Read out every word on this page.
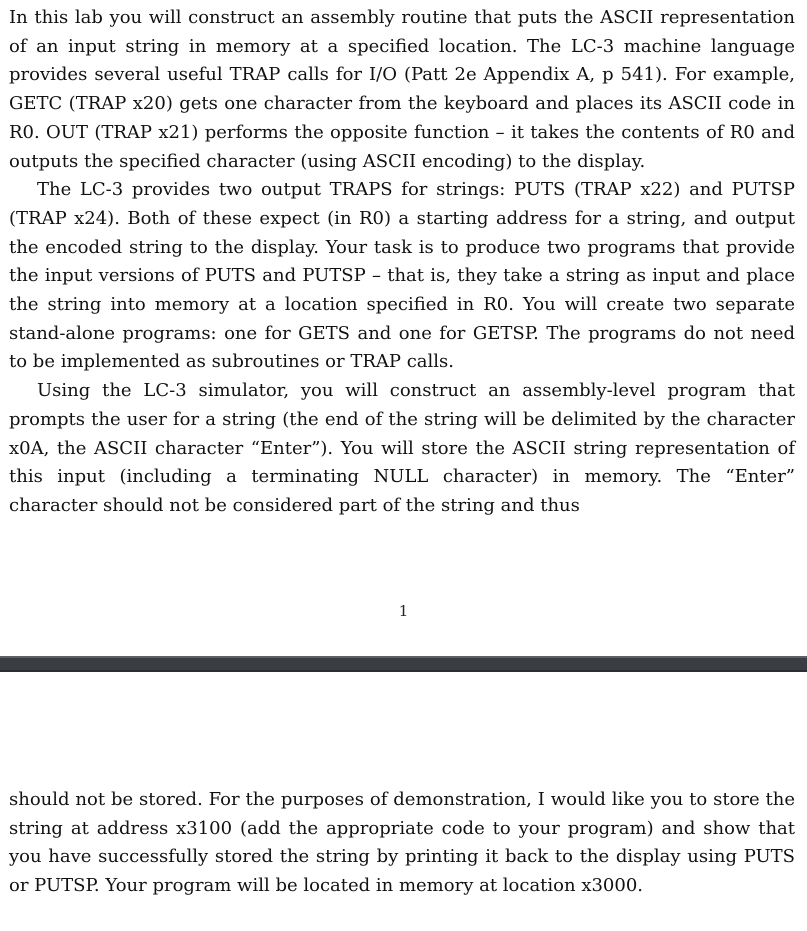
In this lab you will construct an assembly routine that puts the ASCII representation of an input string in memory at a specified location. The LC-3 machine language provides several useful TRAP calls for I/O (Patt 2e Appendix A, p 541). For example, GETC (TRAP x20) gets one character from the keyboard and places its ASCII code in R0. OUT (TRAP x21) performs the opposite function – it takes the contents of R0 and outputs the specified character (using ASCII encoding) to the display.

The LC-3 provides two output TRAPS for strings: PUTS (TRAP x22) and PUTSP (TRAP x24). Both of these expect (in R0) a starting address for a string, and output the encoded string to the display. Your task is to produce two programs that provide the input versions of PUTS and PUTSP – that is, they take a string as input and place the string into memory at a location specified in R0. You will create two separate stand-alone programs: one for GETS and one for GETSP. The programs do not need to be implemented as subroutines or TRAP calls.

Using the LC-3 simulator, you will construct an assembly-level program that prompts the user for a string (the end of the string will be delimited by the character x0A, the ASCII character “Enter”). You will store the ASCII string representation of this input (including a terminating NULL character) in memory. The “Enter” character should not be considered part of the string and thus

1

should not be stored. For the purposes of demonstration, I would like you to store the string at address x3100 (add the appropriate code to your program) and show that you have successfully stored the string by printing it back to the display using PUTS or PUTSP. Your program will be located in memory at location x3000.
